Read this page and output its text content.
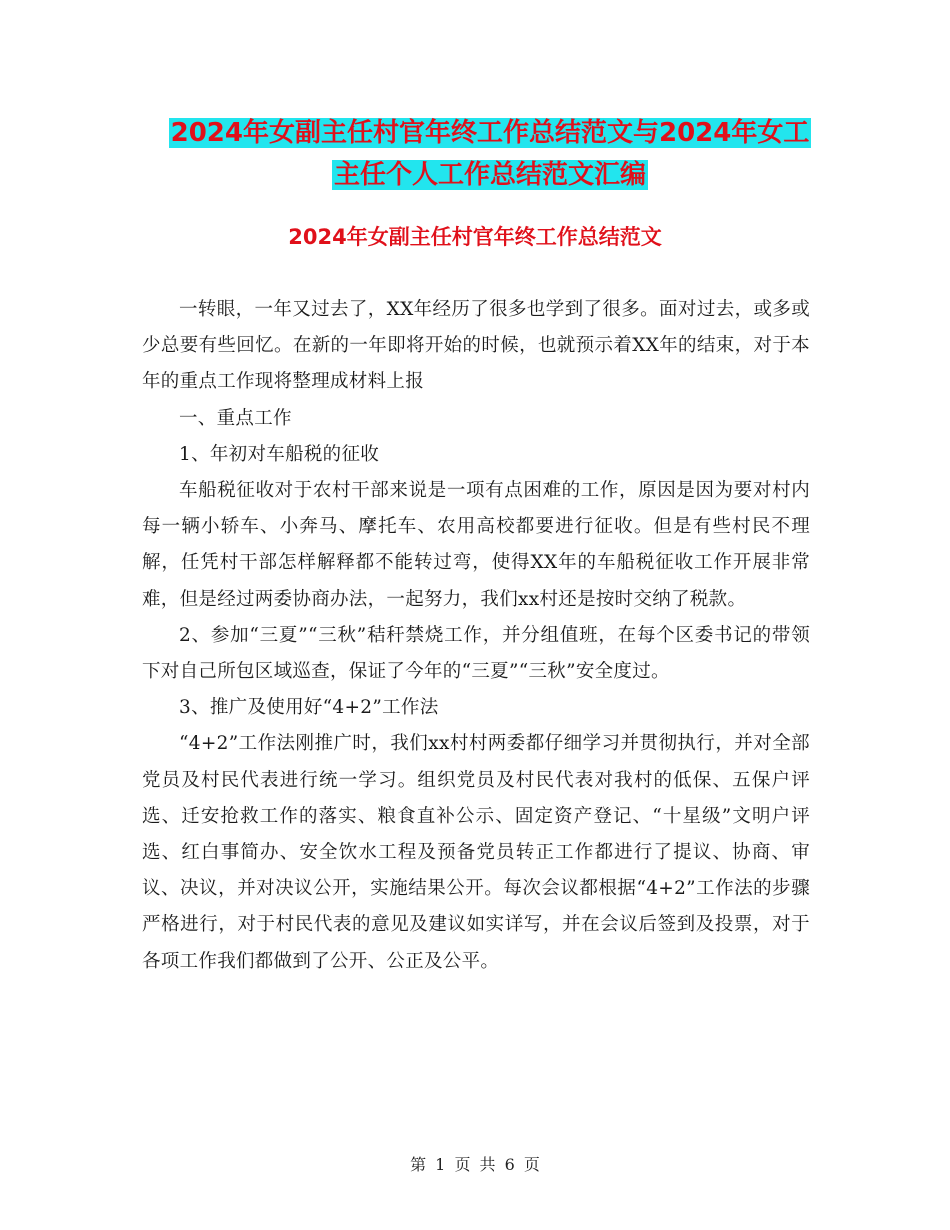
2024年女副主任村官年终工作总结范文与2024年女工
主任个人工作总结范文汇编
2024年女副主任村官年终工作总结范文

一转眼，一年又过去了，XX年经历了很多也学到了很多。面对过去，或多或少总要有些回忆。在新的一年即将开始的时候，也就预示着XX年的结束，对于本年的重点工作现将整理成材料上报

一、重点工作

1、年初对车船税的征收

车船税征收对于农村干部来说是一项有点困难的工作，原因是因为要对村内每一辆小轿车、小奔马、摩托车、农用高校都要进行征收。但是有些村民不理解，任凭村干部怎样解释都不能转过弯，使得XX年的车船税征收工作开展非常难，但是经过两委协商办法，一起努力，我们xx村还是按时交纳了税款。

2、参加“三夏”“三秋”秸秆禁烧工作，并分组值班，在每个区委书记的带领下对自己所包区域巡查，保证了今年的“三夏”“三秋”安全度过。

3、推广及使用好“4+2”工作法

“4+2”工作法刚推广时，我们xx村村两委都仔细学习并贯彻执行，并对全部党员及村民代表进行统一学习。组织党员及村民代表对我村的低保、五保户评选、迁安抢救工作的落实、粮食直补公示、固定资产登记、“十星级”文明户评选、红白事简办、安全饮水工程及预备党员转正工作都进行了提议、协商、审议、决议，并对决议公开，实施结果公开。每次会议都根据“4+2”工作法的步骤严格进行，对于村民代表的意见及建议如实详写，并在会议后签到及投票，对于各项工作我们都做到了公开、公正及公平。

第 1 页 共 6 页
